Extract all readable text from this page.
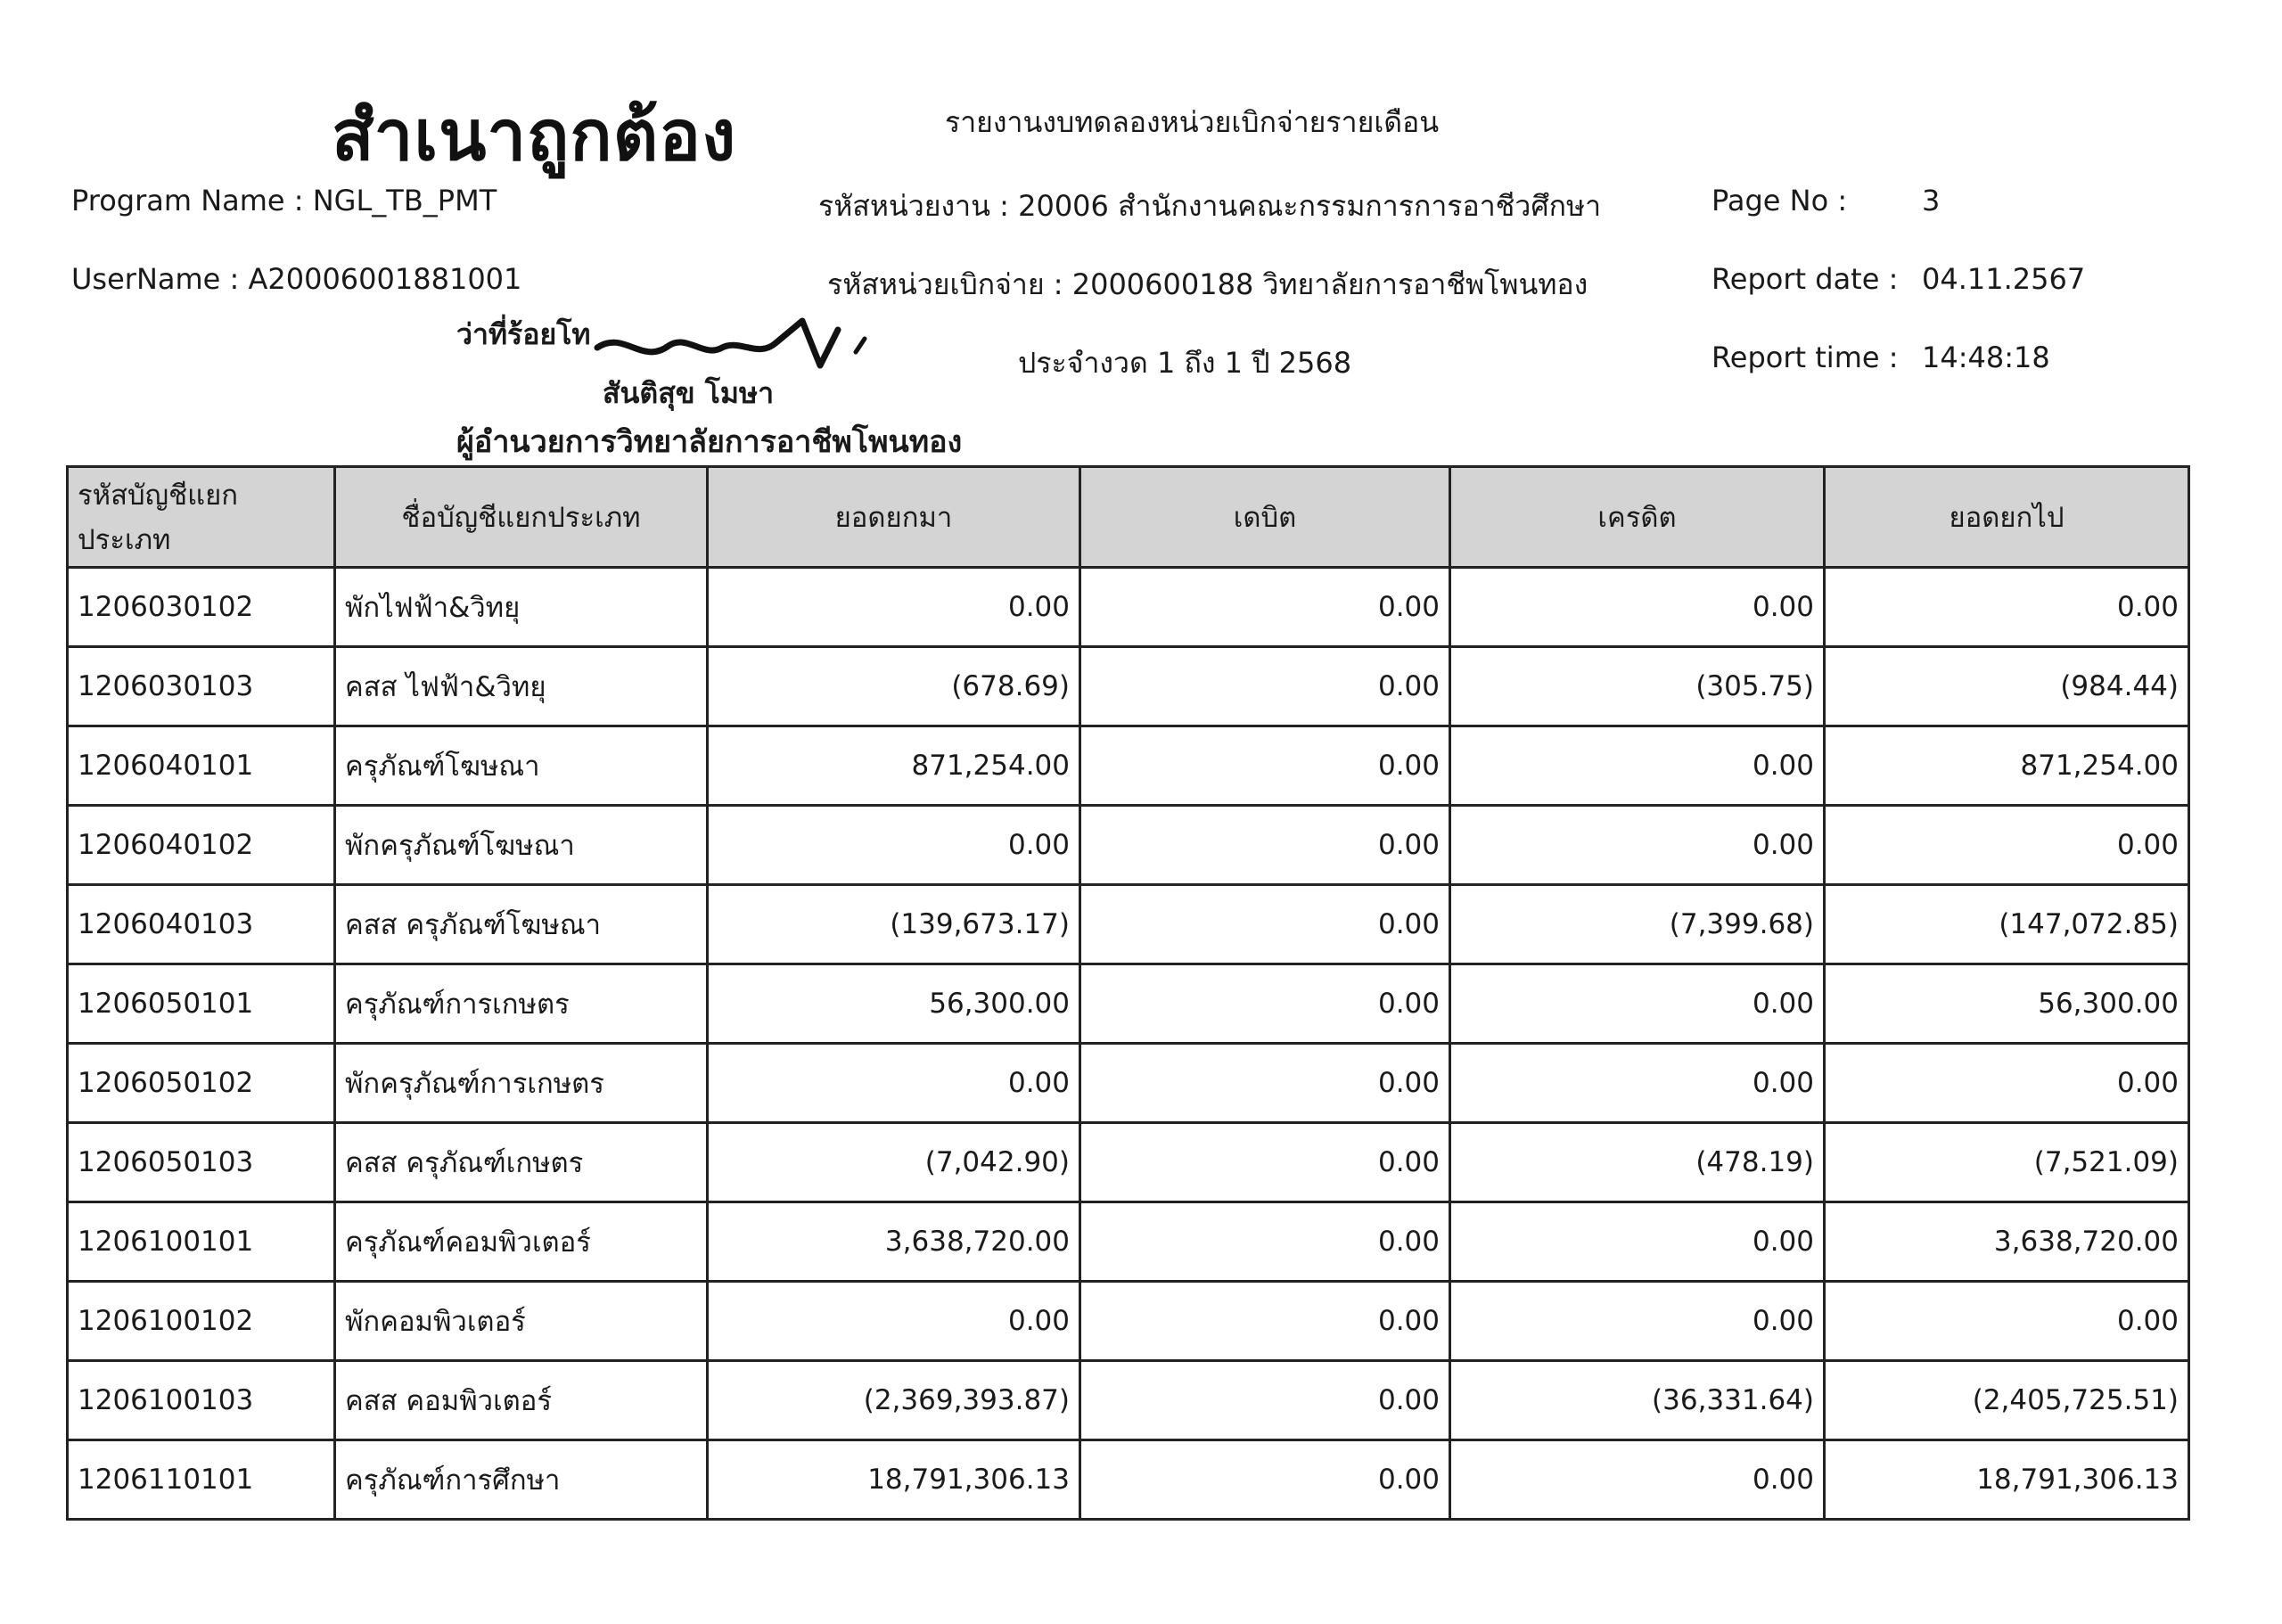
สำเนาถูกต้อง	รายงานงบทดลองหน่วยเบิกจ่ายรายเดือน
Program Name : NGL_TB_PMT
UserName : A20006001881001
รหัสหน่วยงาน : 20006 สำนักงานคณะกรรมการการอาชีวศึกษา
รหัสหน่วยเบิกจ่าย : 2000600188 วิทยาลัยการอาชีพโพนทอง
ประจำงวด 1 ถึง 1 ปี 2568
Page No :	3
Report date : 04.11.2567
Report time : 14:48:18
ว่าที่ร้อยโท
สันติสุข โมษา
ผู้อำนวยการวิทยาลัยการอาชีพโพนทอง
รหัสบัญชีแยกประเภท	ชื่อบัญชีแยกประเภท	ยอดยกมา	เดบิต	เครดิต	ยอดยกไป
1206030102	พักไฟฟ้า&วิทยุ	0.00	0.00	0.00	0.00
1206030103	คสส ไฟฟ้า&วิทยุ	(678.69)	0.00	(305.75)	(984.44)
1206040101	ครุภัณฑ์โฆษณา	871,254.00	0.00	0.00	871,254.00
1206040102	พักครุภัณฑ์โฆษณา	0.00	0.00	0.00	0.00
1206040103	คสส ครุภัณฑ์โฆษณา	(139,673.17)	0.00	(7,399.68)	(147,072.85)
1206050101	ครุภัณฑ์การเกษตร	56,300.00	0.00	0.00	56,300.00
1206050102	พักครุภัณฑ์การเกษตร	0.00	0.00	0.00	0.00
1206050103	คสส ครุภัณฑ์เกษตร	(7,042.90)	0.00	(478.19)	(7,521.09)
1206100101	ครุภัณฑ์คอมพิวเตอร์	3,638,720.00	0.00	0.00	3,638,720.00
1206100102	พักคอมพิวเตอร์	0.00	0.00	0.00	0.00
1206100103	คสส คอมพิวเตอร์	(2,369,393.87)	0.00	(36,331.64)	(2,405,725.51)
1206110101	ครุภัณฑ์การศึกษา	18,791,306.13	0.00	0.00	18,791,306.13
